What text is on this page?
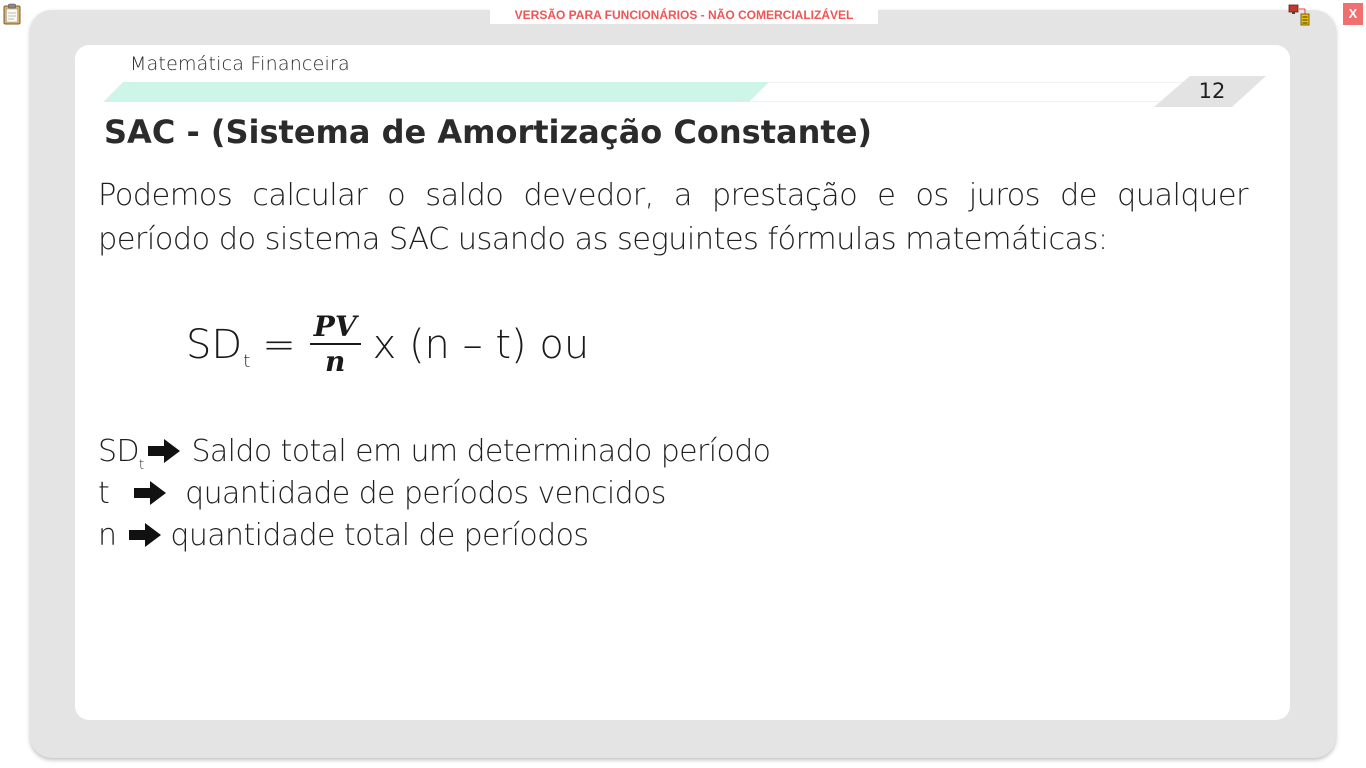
VERSÃO PARA FUNCIONÁRIOS - NÃO COMERCIALIZÁVEL	X
Matemática Financeira
12
SAC - (Sistema de Amortização Constante)
Podemos calcular o saldo devedor, a prestação e os juros de qualquer período do sistema SAC usando as seguintes fórmulas matemáticas:
SD $t = \frac{PV}{n}$ x (n – t) ou
$SD_t$ Saldo total em um determinado período
t	quantidade de períodos vencidos
n quantidade total de períodos
